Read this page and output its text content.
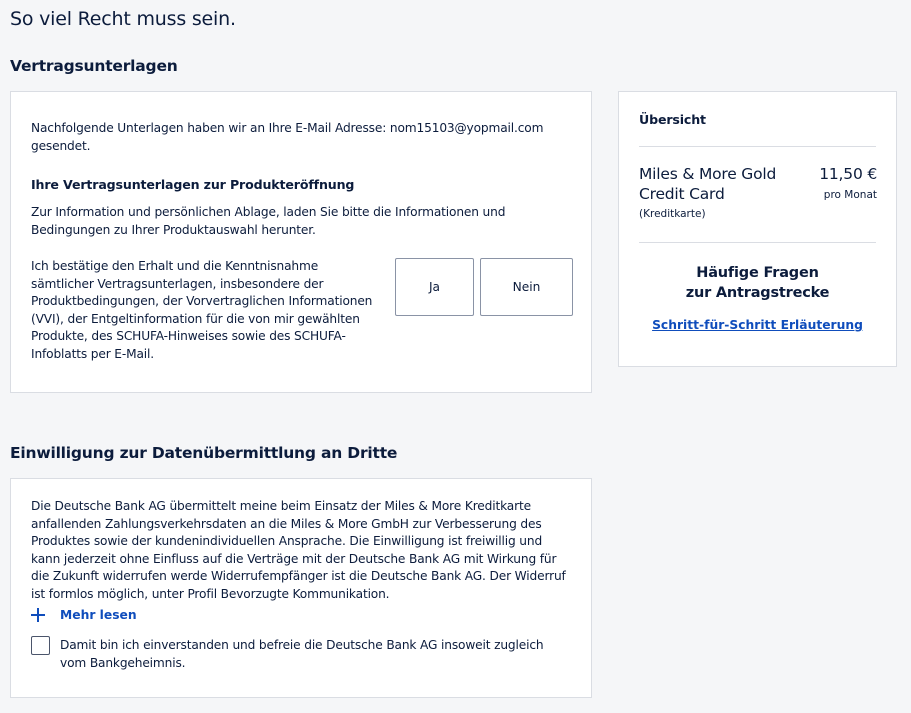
So viel Recht muss sein.
Vertragsunterlagen

Nachfolgende Unterlagen haben wir an Ihre E-Mail Adresse: nom15103@yopmail.com gesendet.

Ihre Vertragsunterlagen zur Produkteröffnung

Zur Information und persönlichen Ablage, laden Sie bitte die Informationen und Bedingungen zu Ihrer Produktauswahl herunter.

Ich bestätige den Erhalt und die Kenntnisnahme sämtlicher Vertragsunterlagen, insbesondere der Produktbedingungen, der Vorvertraglichen Informationen (VVI), der Entgeltinformation für die von mir gewählten Produkte, des SCHUFA-Hinweises sowie des SCHUFA-Infoblatts per E-Mail.

Ja	Nein
Übersicht
Miles & More Gold Credit Card
(Kreditkarte)
11,50 €
pro Monat
Häufige Fragen
zur Antragstrecke
Schritt-für-Schritt Erläuterung
Einwilligung zur Datenübermittlung an Dritte

Die Deutsche Bank AG übermittelt meine beim Einsatz der Miles & More Kreditkarte anfallenden Zahlungsverkehrsdaten an die Miles & More GmbH zur Verbesserung des Produktes sowie der kundenindividuellen Ansprache. Die Einwilligung ist freiwillig und kann jederzeit ohne Einfluss auf die Verträge mit der Deutsche Bank AG mit Wirkung für die Zukunft widerrufen werde Widerrufempfänger ist die Deutsche Bank AG. Der Widerruf ist formlos möglich, unter Profil Bevorzugte Kommunikation.

Mehr lesen

Damit bin ich einverstanden und befreie die Deutsche Bank AG insoweit zugleich vom Bankgeheimnis.
